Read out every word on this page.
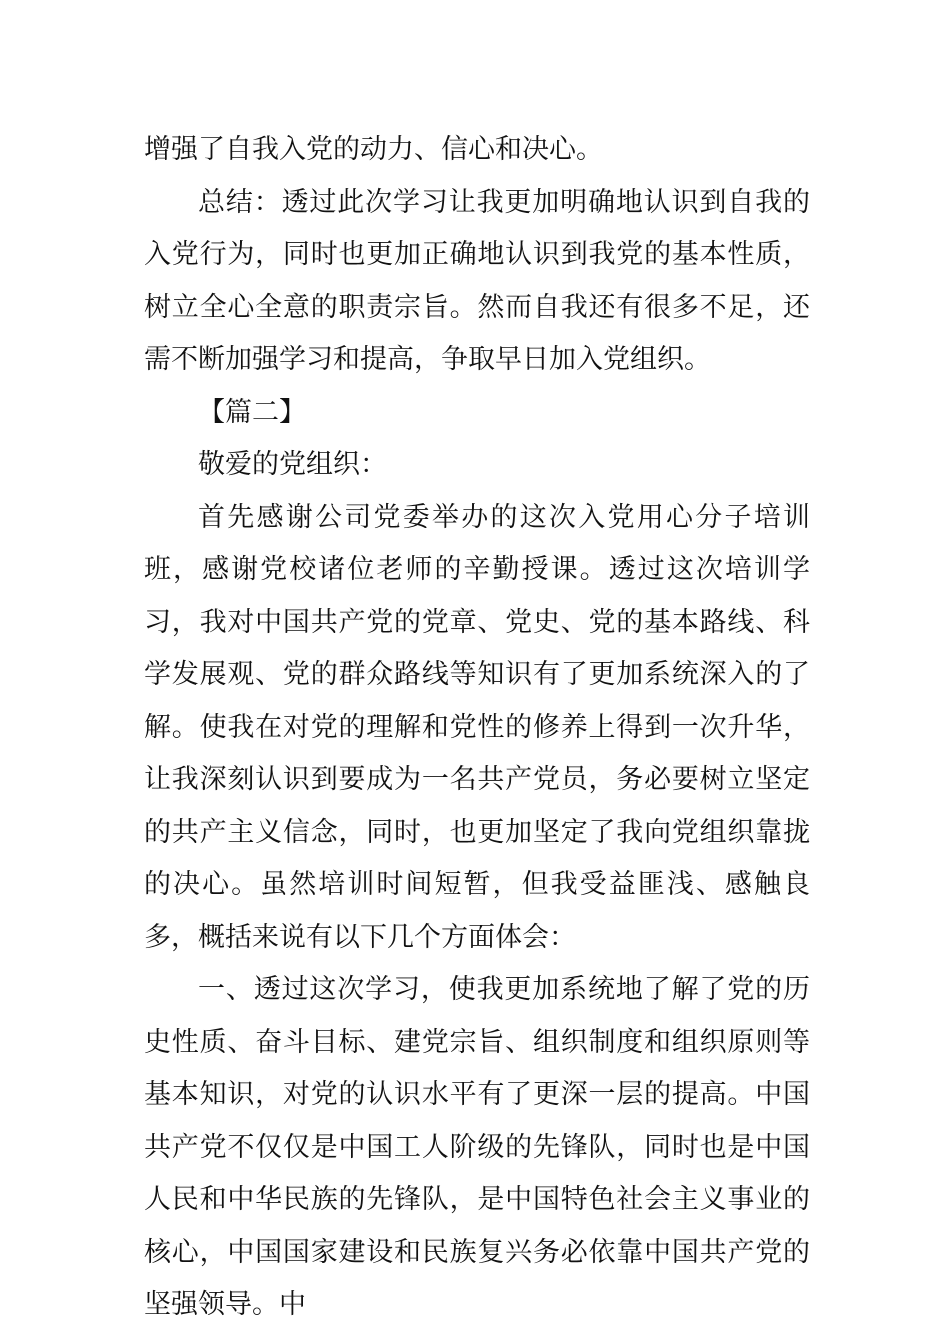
增强了自我入党的动力、信心和决心。

总结：透过此次学习让我更加明确地认识到自我的入党行为，同时也更加正确地认识到我党的基本性质，树立全心全意的职责宗旨。然而自我还有很多不足，还需不断加强学习和提高，争取早日加入党组织。

【篇二】

敬爱的党组织：

首先感谢公司党委举办的这次入党用心分子培训班，感谢党校诸位老师的辛勤授课。透过这次培训学习，我对中国共产党的党章、党史、党的基本路线、科学发展观、党的群众路线等知识有了更加系统深入的了解。使我在对党的理解和党性的修养上得到一次升华，让我深刻认识到要成为一名共产党员，务必要树立坚定的共产主义信念，同时，也更加坚定了我向党组织靠拢的决心。虽然培训时间短暂，但我受益匪浅、感触良多，概括来说有以下几个方面体会：

一、透过这次学习，使我更加系统地了解了党的历史性质、奋斗目标、建党宗旨、组织制度和组织原则等基本知识，对党的认识水平有了更深一层的提高。中国共产党不仅仅是中国工人阶级的先锋队，同时也是中国人民和中华民族的先锋队，是中国特色社会主义事业的核心，中国国家建设和民族复兴务必依靠中国共产党的坚强领导。中
